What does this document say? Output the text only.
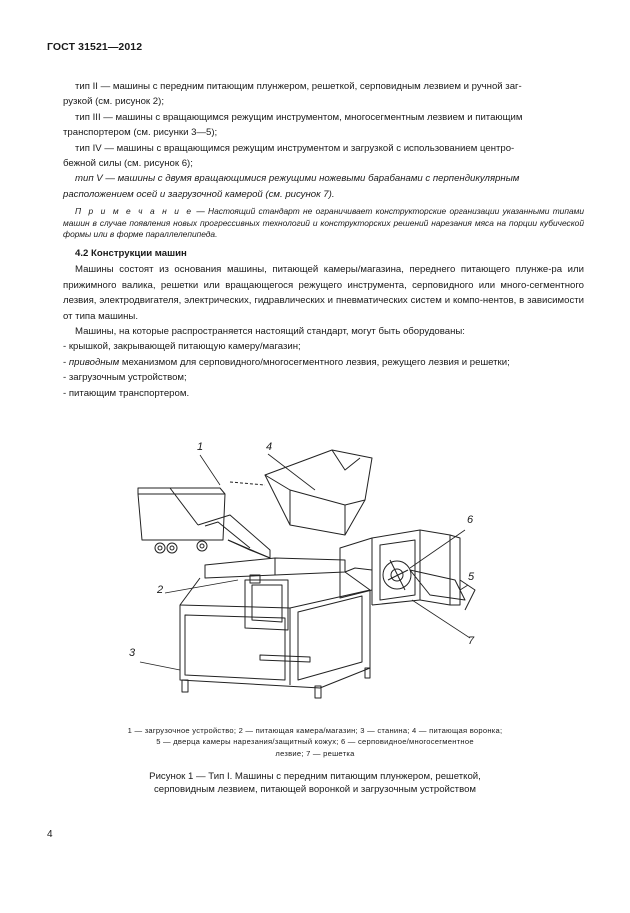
ГОСТ 31521—2012
тип II — машины с передним питающим плунжером, решеткой, серповидным лезвием и ручной заг-
рузкой (см. рисунок 2);
тип III — машины с вращающимся режущим инструментом, многосегментным лезвием и питающим
транспортером (см. рисунки 3—5);
тип IV — машины с вращающимся режущим инструментом и загрузкой с использованием центро-
бежной силы (см. рисунок 6);
тип V — машины с двумя вращающимися режущими ножевыми барабанами с перпендикулярным
расположением осей и загрузочной камерой (см. рисунок 7).
П р и м е ч а н и е — Настоящий стандарт не ограничивает конструкторские организации указанными типами машин в случае появления новых прогрессивных технологий и конструкторских решений нарезания мяса на порции кубической формы или в форме параллелепипеда.
4.2 Конструкции машин
Машины состоят из основания машины, питающей камеры/магазина, переднего питающего плунже-ра или прижимного валика, решетки или вращающегося режущего инструмента, серповидного или много-сегментного лезвия, электродвигателя, электрических, гидравлических и пневматических систем и компо-нентов, в зависимости от типа машины.
Машины, на которые распространяется настоящий стандарт, могут быть оборудованы:
- крышкой, закрывающей питающую камеру/магазин;
- приводным механизмом для серповидного/многосегментного лезвия, режущего лезвия и решетки;
- загрузочным устройством;
- питающим транспортером.
1	4
6
2
5
3
7
1 — загрузочное устройство; 2 — питающая камера/магазин; 3 — станина; 4 — питающая воронка;
5 — дверца камеры нарезания/защитный кожух; 6 — серповидное/многосегментное
лезвие; 7 — решетка
Рисунок 1 — Тип I. Машины с передним питающим плунжером, решеткой,
серповидным лезвием, питающей воронкой и загрузочным устройством
4
